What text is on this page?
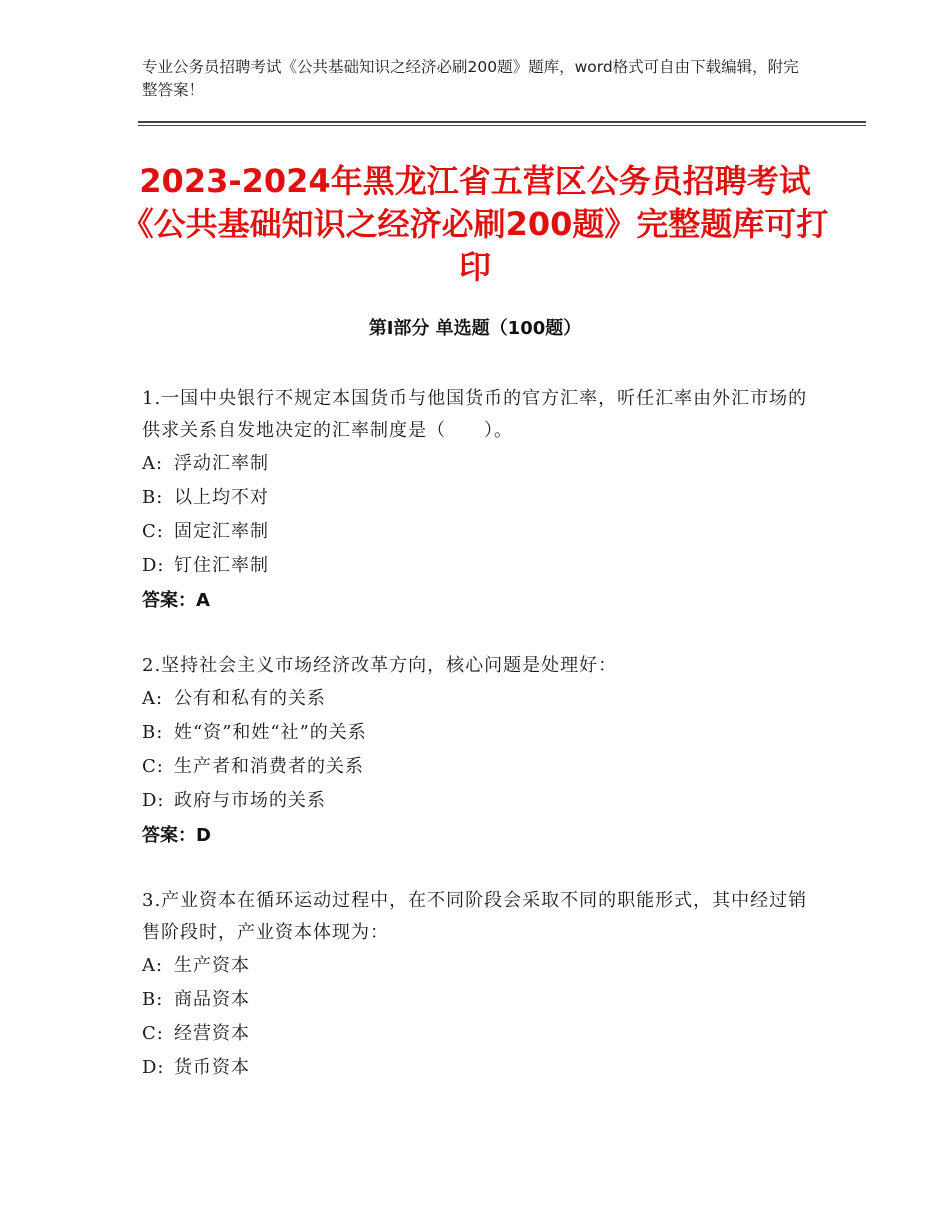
专业公务员招聘考试《公共基础知识之经济必刷200题》题库，word格式可自由下载编辑，附完整答案！
2023-2024年黑龙江省五营区公务员招聘考试《公共基础知识之经济必刷200题》完整题库可打印
第Ⅰ部分 单选题（100题）
1.一国中央银行不规定本国货币与他国货币的官方汇率，听任汇率由外汇市场的供求关系自发地决定的汇率制度是（　　）。
A: 浮动汇率制
B: 以上均不对
C: 固定汇率制
D: 钉住汇率制
答案：A
2.坚持社会主义市场经济改革方向，核心问题是处理好：
A: 公有和私有的关系
B: 姓“资”和姓“社”的关系
C: 生产者和消费者的关系
D: 政府与市场的关系
答案：D
3.产业资本在循环运动过程中，在不同阶段会采取不同的职能形式，其中经过销售阶段时，产业资本体现为：
A: 生产资本
B: 商品资本
C: 经营资本
D: 货币资本
